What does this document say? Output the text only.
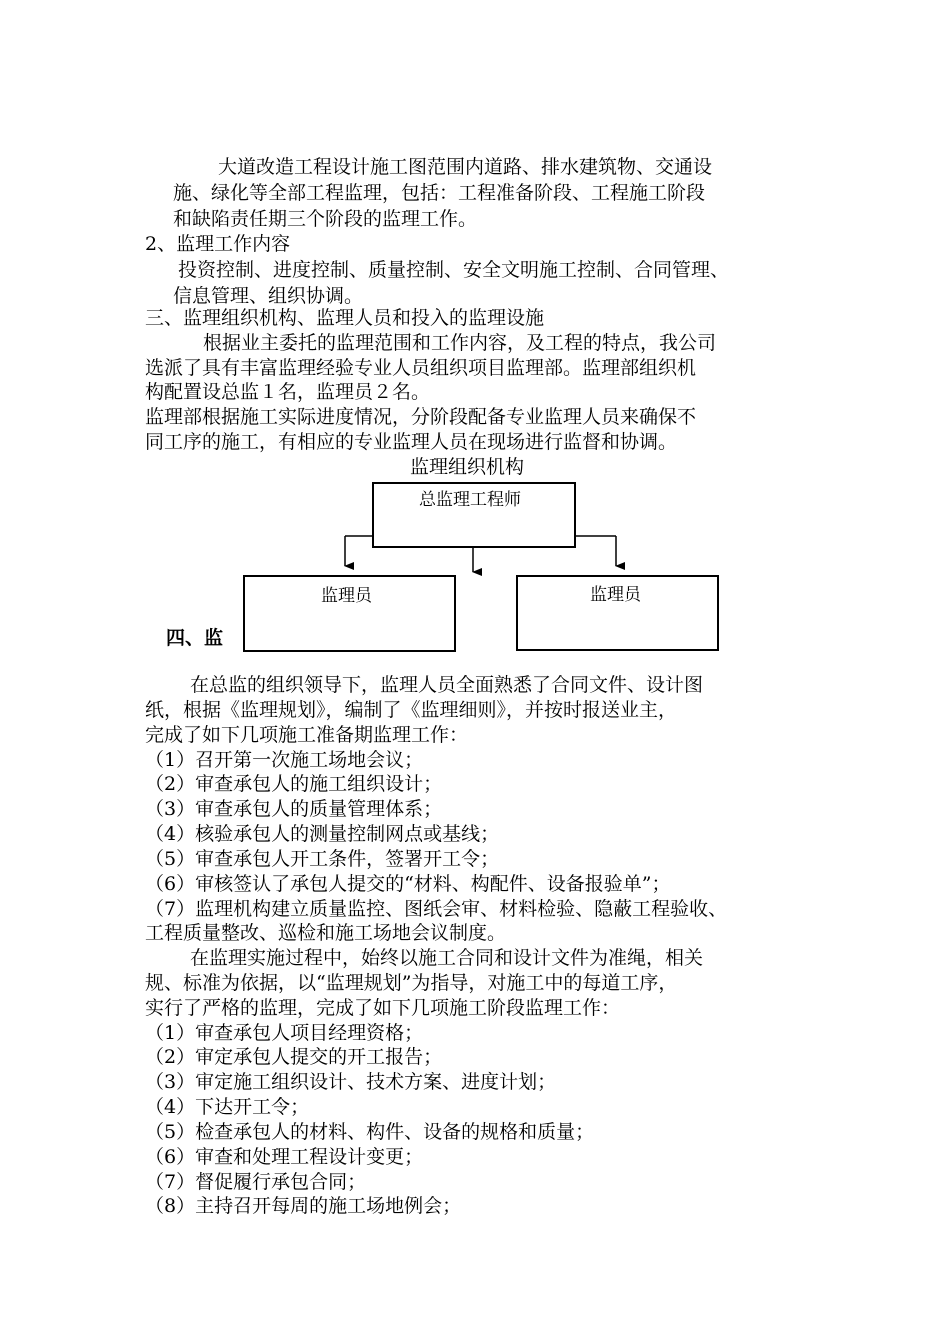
大道改造工程设计施工图范围内道路、排水建筑物、交通设
施、绿化等全部工程监理，包括：工程准备阶段、工程施工阶段
和缺陷责任期三个阶段的监理工作。
2、监理工作内容
投资控制、进度控制、质量控制、安全文明施工控制、合同管理、
信息管理、组织协调。
三、监理组织机构、监理人员和投入的监理设施
根据业主委托的监理范围和工作内容，及工程的特点，我公司
选派了具有丰富监理经验专业人员组织项目监理部。监理部组织机
构配置设总监１名，监理员２名。
监理部根据施工实际进度情况，分阶段配备专业监理人员来确保不
同工序的施工，有相应的专业监理人员在现场进行监督和协调。
监理组织机构
总监理工程师
监理员	监理员
四、监
在总监的组织领导下，监理人员全面熟悉了合同文件、设计图
纸，根据《监理规划》，编制了《监理细则》，并按时报送业主，
完成了如下几项施工准备期监理工作：
（1）召开第一次施工场地会议；
（2）审查承包人的施工组织设计；
（3）审查承包人的质量管理体系；
（4）核验承包人的测量控制网点或基线；
（5）审查承包人开工条件，签署开工令；
（6）审核签认了承包人提交的“材料、构配件、设备报验单”；
（7）监理机构建立质量监控、图纸会审、材料检验、隐蔽工程验收、
工程质量整改、巡检和施工场地会议制度。
在监理实施过程中，始终以施工合同和设计文件为准绳，相关
规、标准为依据，以“监理规划”为指导，对施工中的每道工序，
实行了严格的监理，完成了如下几项施工阶段监理工作：
（1）审查承包人项目经理资格；
（2）审定承包人提交的开工报告；
（3）审定施工组织设计、技术方案、进度计划；
（4）下达开工令；
（5）检查承包人的材料、构件、设备的规格和质量；
（6）审查和处理工程设计变更；
（7）督促履行承包合同；
（8）主持召开每周的施工场地例会；
